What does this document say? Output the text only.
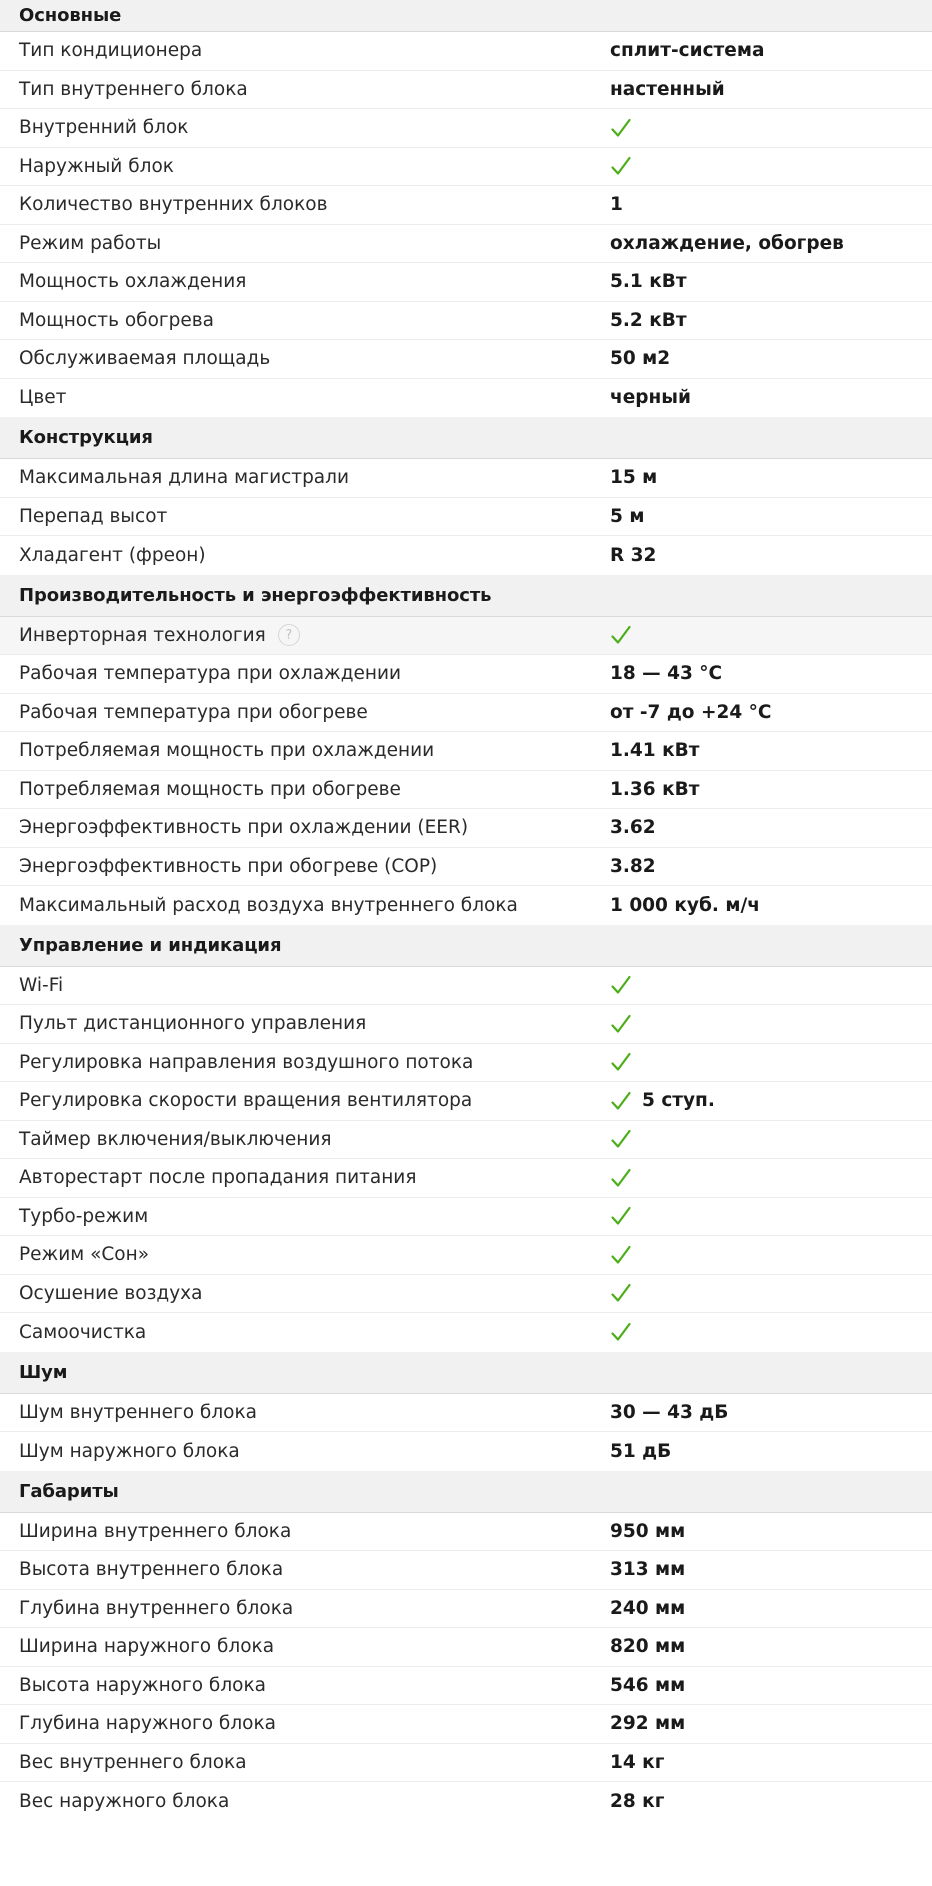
Основные
Тип кондиционера	сплит-система
Тип внутреннего блока	настенный
Внутренний блок
Наружный блок
Количество внутренних блоков	1
Режим работы	охлаждение, обогрев
Мощность охлаждения	5.1 кВт
Мощность обогрева	5.2 кВт
Обслуживаемая площадь	50 м2
Цвет	черный
Конструкция
Максимальная длина магистрали	15 м
Перепад высот	5 м
Хладагент (фреон)	R 32
Производительность и энергоэффективность
Инверторная технология	?
Рабочая температура при охлаждении	18 — 43 °C
Рабочая температура при обогреве	от -7 до +24 °C
Потребляемая мощность при охлаждении	1.41 кВт
Потребляемая мощность при обогреве	1.36 кВт
Энергоэффективность при охлаждении (EER)	3.62
Энергоэффективность при обогреве (COP)	3.82
Максимальный расход воздуха внутреннего блока	1 000 куб. м/ч
Управление и индикация
Wi-Fi
Пульт дистанционного управления
Регулировка направления воздушного потока
Регулировка скорости вращения вентилятора	5 ступ.
Таймер включения/выключения
Авторестарт после пропадания питания
Турбо-режим
Режим «Сон»
Осушение воздуха
Самоочистка
Шум
Шум внутреннего блока	30 — 43 дБ
Шум наружного блока	51 дБ
Габариты
Ширина внутреннего блока	950 мм
Высота внутреннего блока	313 мм
Глубина внутреннего блока	240 мм
Ширина наружного блока	820 мм
Высота наружного блока	546 мм
Глубина наружного блока	292 мм
Вес внутреннего блока	14 кг
Вес наружного блока	28 кг
